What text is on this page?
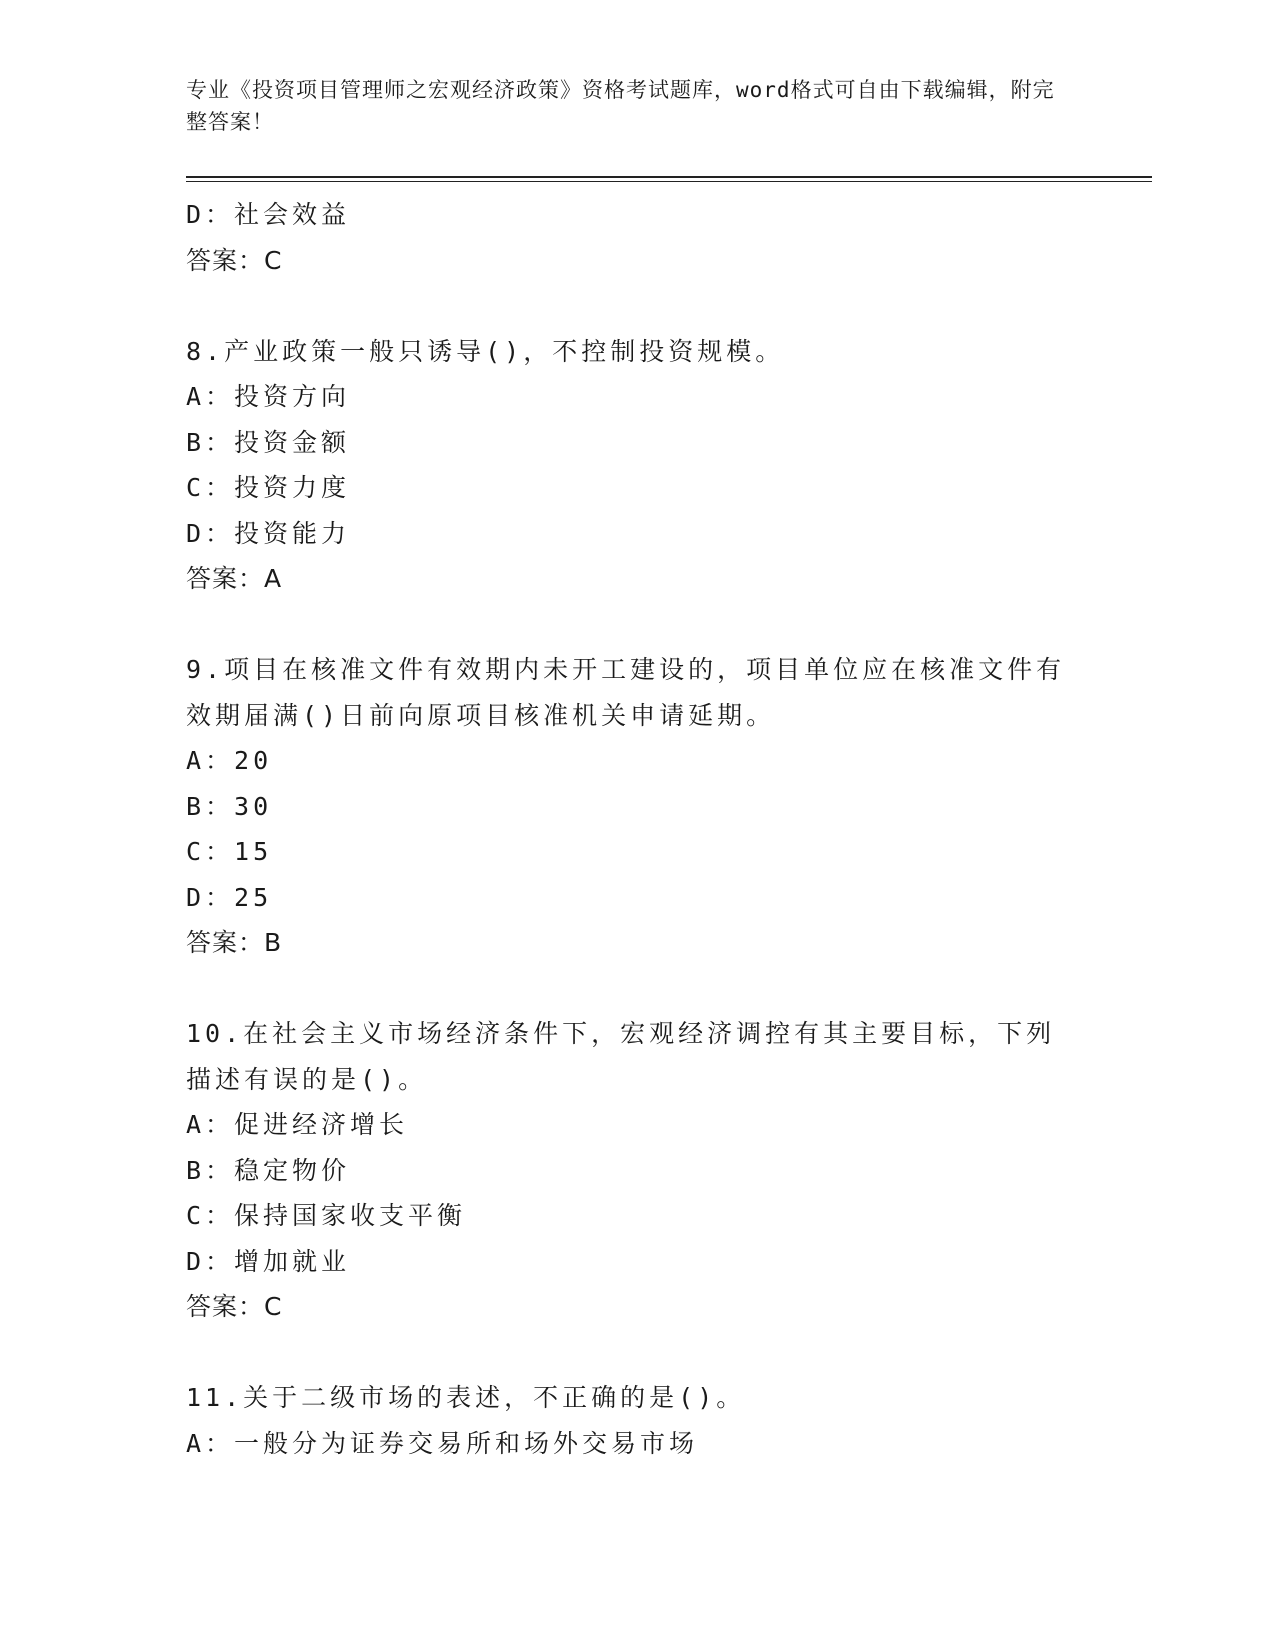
专业《投资项目管理师之宏观经济政策》资格考试题库，word格式可自由下载编辑，附完整答案！
D：社会效益
答案：C
8.产业政策一般只诱导()，不控制投资规模。
A：投资方向
B：投资金额
C：投资力度
D：投资能力
答案：A
9.项目在核准文件有效期内未开工建设的，项目单位应在核准文件有效期届满()日前向原项目核准机关申请延期。
A：20
B：30
C：15
D：25
答案：B
10.在社会主义市场经济条件下，宏观经济调控有其主要目标，下列描述有误的是()。
A：促进经济增长
B：稳定物价
C：保持国家收支平衡
D：增加就业
答案：C
11.关于二级市场的表述，不正确的是()。
A：一般分为证券交易所和场外交易市场
